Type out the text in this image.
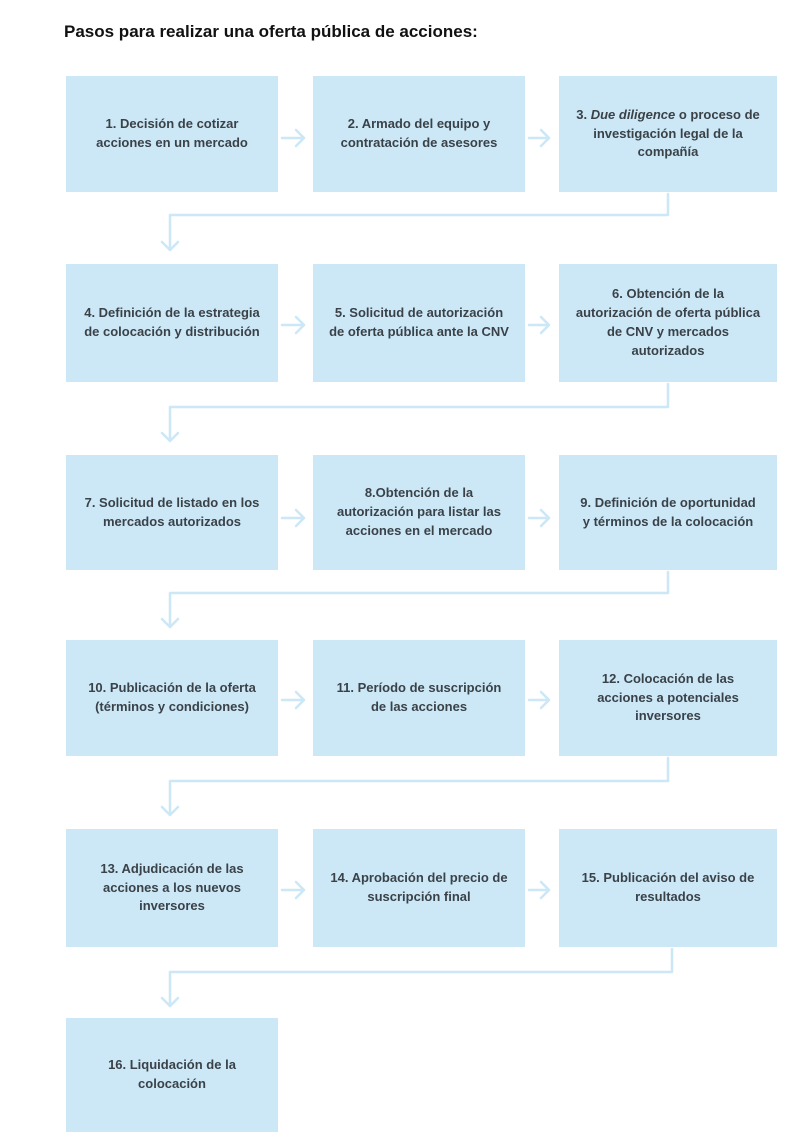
Pasos para realizar una oferta pública de acciones:
1. Decisión de cotizar acciones en un mercado
2. Armado del equipo y contratación de asesores
3. Due diligence o proceso de investigación legal de la compañía
4. Definición de la estrategia de colocación y distribución
5. Solicitud de autorización de oferta pública ante la CNV
6. Obtención de la autorización de oferta pública de CNV y mercados autorizados
7. Solicitud de listado en los mercados autorizados
8.Obtención de la autorización para listar las acciones en el mercado
9. Definición de oportunidad y términos de la colocación
10. Publicación de la oferta (términos y condiciones)
11. Período de suscripción de las acciones
12. Colocación de las acciones a potenciales inversores
13. Adjudicación de las acciones a los nuevos inversores
14. Aprobación del precio de suscripción final
15. Publicación del aviso de resultados
16. Liquidación de la colocación
